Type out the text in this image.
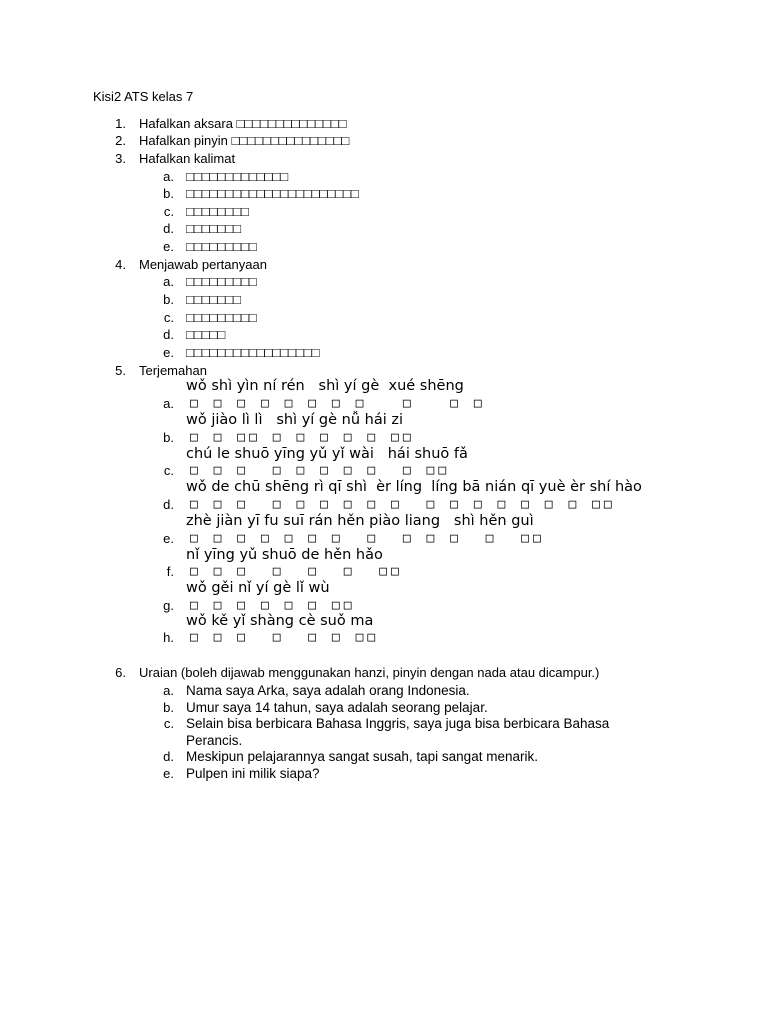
Kisi2 ATS kelas 7
1. Hafalkan aksara □□□□□□□□□□□□□□
2. Hafalkan pinyin □□□□□□□□□□□□□□□
3. Hafalkan kalimat
a. □□□□□□□□□□□□□
b. □□□□□□□□□□□□□□□□□□□□□□
c. □□□□□□□□
d. □□□□□□□
e. □□□□□□□□□
4. Menjawab pertanyaan
a. □□□□□□□□□
b. □□□□□□□
c. □□□□□□□□□
d. □□□□□
e. □□□□□□□□□□□□□□□□□
5. Terjemahan
wǒ shì yìn ní rén   shì yí gè  xué shēng
a. □ □ □ □ □ □ □ □   □   □ □
wǒ jiào lì lì   shì yí gè nǚ hái zi
b. □ □ □□ □ □ □ □ □ □□
chú le shuō yīng yǔ yǐ wài   hái shuō fǎ
c. □ □ □  □ □ □ □ □  □ □□
wǒ de chū shēng rì qī shì  èr líng  líng bā nián qī yuè èr shí hào
d. □ □ □  □ □ □ □ □ □  □ □ □ □ □ □ □ □□
zhè jiàn yī fu suī rán hěn piào liang   shì hěn guì
e. □ □ □ □ □ □ □  □  □ □ □  □  □□
nǐ yīng yǔ shuō de hěn hǎo
f. □ □ □  □  □  □  □□
wǒ gěi nǐ yí gè lǐ wù
g. □ □ □ □ □ □ □□
wǒ kě yǐ shàng cè suǒ ma
h. □ □ □  □  □ □ □□
6. Uraian (boleh dijawab menggunakan hanzi, pinyin dengan nada atau dicampur.)
a. Nama saya Arka, saya adalah orang Indonesia.
b. Umur saya 14 tahun, saya adalah seorang pelajar.
c. Selain bisa berbicara Bahasa Inggris, saya juga bisa berbicara Bahasa
Perancis.
d. Meskipun pelajarannya sangat susah, tapi sangat menarik.
e. Pulpen ini milik siapa?
